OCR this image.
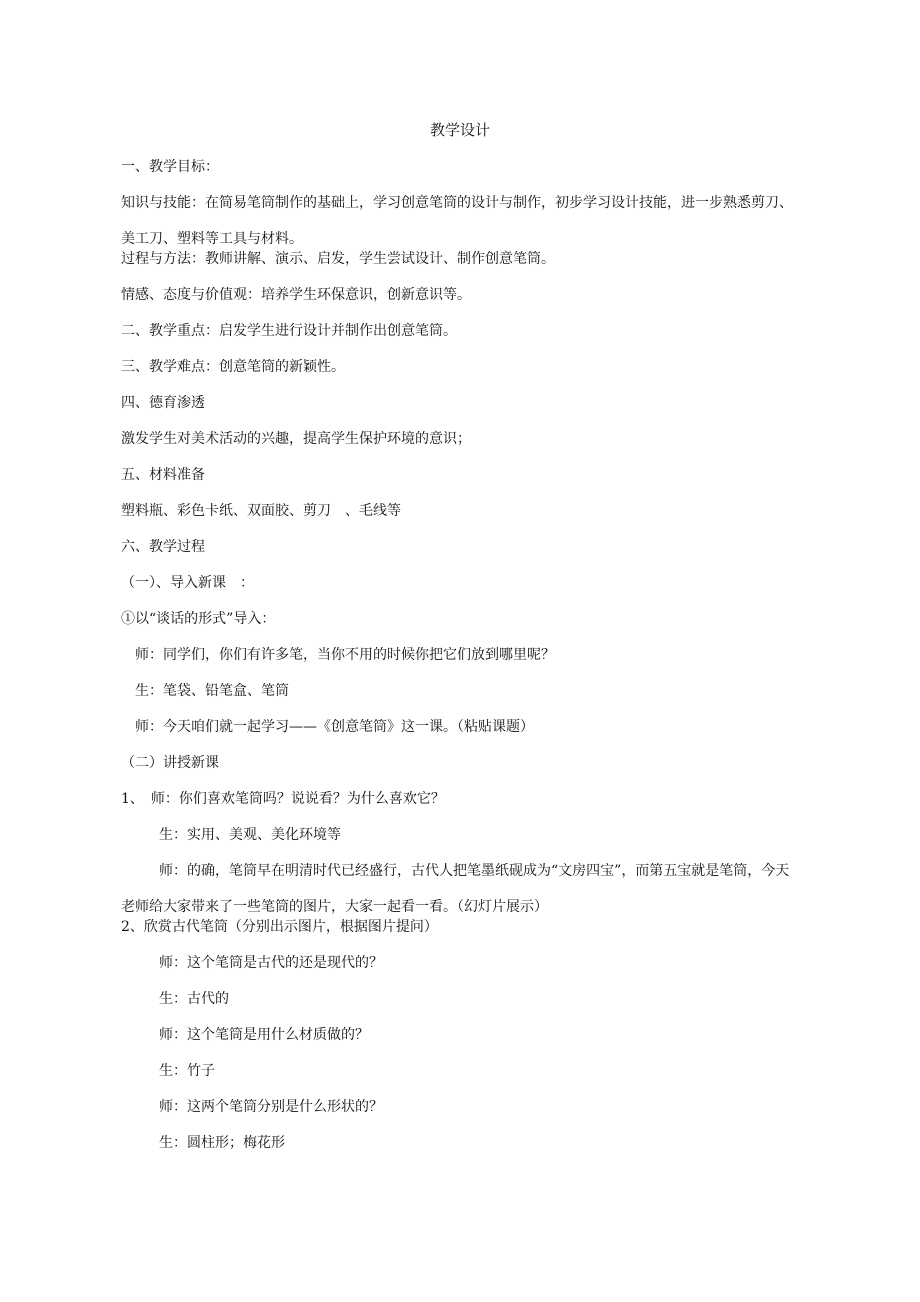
教学设计
一、教学目标：
知识与技能：在简易笔筒制作的基础上，学习创意笔筒的设计与制作，初步学习设计技能，进一步熟悉剪刀、美工刀、塑料等工具与材料。
过程与方法：教师讲解、演示、启发，学生尝试设计、制作创意笔筒。
情感、态度与价值观：培养学生环保意识，创新意识等。
二、教学重点：启发学生进行设计并制作出创意笔筒。
三、教学难点：创意笔筒的新颖性。
四、德育渗透
激发学生对美术活动的兴趣，提高学生保护环境的意识；
五、材料准备
塑料瓶、彩色卡纸、双面胶、剪刀　、毛线等
六、教学过程
（一）、导入新课　：
①以“谈话的形式”导入：
师：同学们，你们有许多笔，当你不用的时候你把它们放到哪里呢？
生：笔袋、铅笔盒、笔筒
师：今天咱们就一起学习——《创意笔筒》这一课。（粘贴课题）
（二）讲授新课
1、　师：你们喜欢笔筒吗？说说看？为什么喜欢它？
生：实用、美观、美化环境等
师：的确，笔筒早在明清时代已经盛行，古代人把笔墨纸砚成为“文房四宝”，而第五宝就是笔筒，今天老师给大家带来了一些笔筒的图片，大家一起看一看。（幻灯片展示）
2、欣赏古代笔筒（分别出示图片，根据图片提问）
师：这个笔筒是古代的还是现代的？
生：古代的
师：这个笔筒是用什么材质做的？
生：竹子
师：这两个笔筒分别是什么形状的？
生：圆柱形；梅花形
